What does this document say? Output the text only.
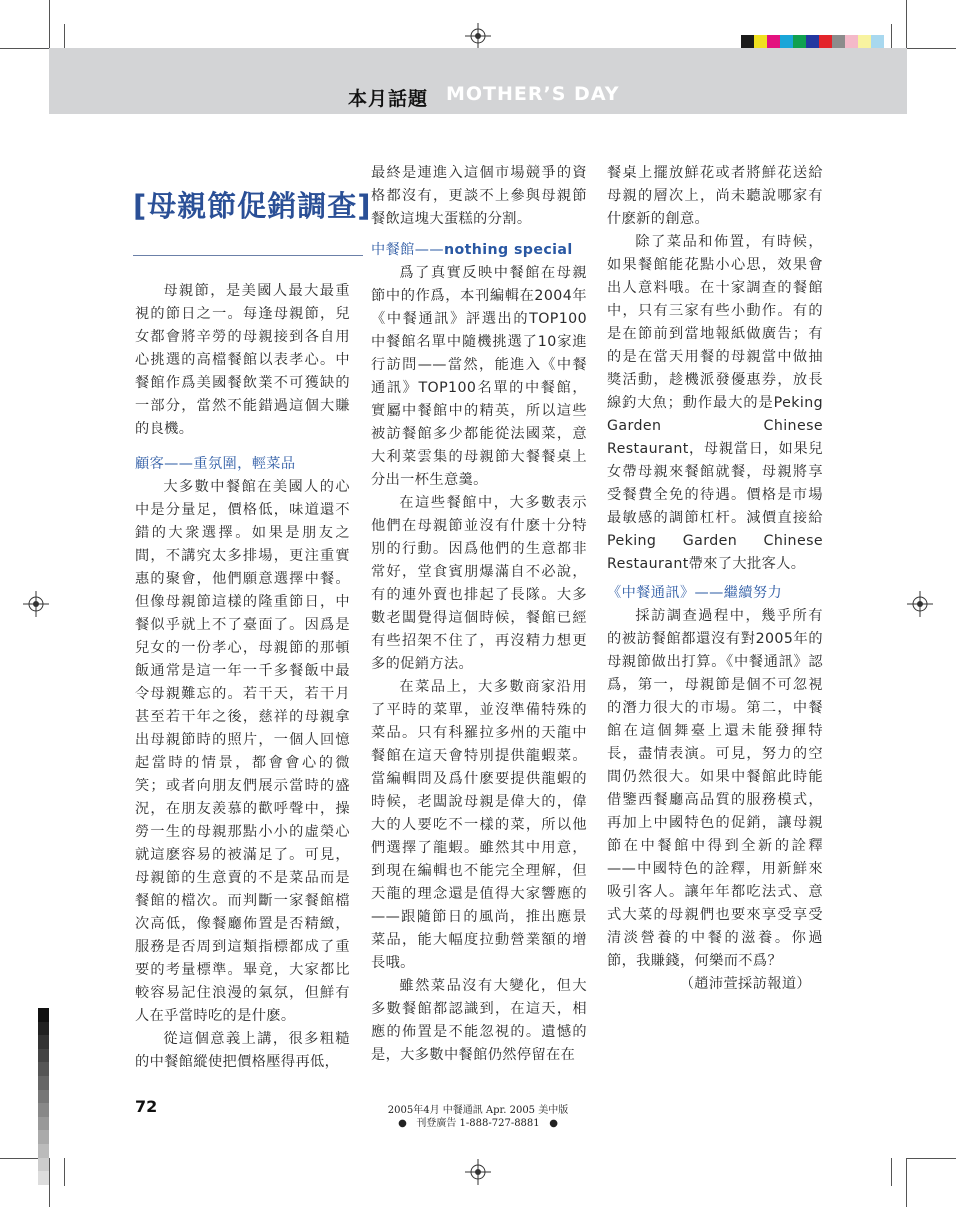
本月話題 MOTHER’S DAY
[母親節促銷調查]

母親節，是美國人最大最重視的節日之一。每逢母親節，兒女都會將辛勞的母親接到各自用心挑選的高檔餐館以表孝心。中餐館作爲美國餐飲業不可獲缺的一部分，當然不能錯過這個大賺的良機。

顧客——重氛圍，輕菜品

大多數中餐館在美國人的心中是分量足，價格低，味道還不錯的大衆選擇。如果是朋友之間，不講究太多排場，更注重實惠的聚會，他們願意選擇中餐。但像母親節這樣的隆重節日，中餐似乎就上不了臺面了。因爲是兒女的一份孝心，母親節的那頓飯通常是這一年一千多餐飯中最令母親難忘的。若干天，若干月甚至若干年之後，慈祥的母親拿出母親節時的照片，一個人回憶起當時的情景，都會會心的微笑；或者向朋友們展示當時的盛況，在朋友羨慕的歡呼聲中，操勞一生的母親那點小小的虛榮心就這麽容易的被滿足了。可見，母親節的生意賣的不是菜品而是餐館的檔次。而判斷一家餐館檔次高低，像餐廳佈置是否精緻，服務是否周到這類指標都成了重要的考量標準。畢竟，大家都比較容易記住浪漫的氣氛，但鮮有人在乎當時吃的是什麽。

從這個意義上講，很多粗糙的中餐館縱使把價格壓得再低，

最終是連進入這個市場競爭的資格都沒有，更談不上參與母親節餐飲這塊大蛋糕的分割。

中餐館——nothing special

爲了真實反映中餐館在母親節中的作爲，本刊編輯在2004年《中餐通訊》評選出的TOP100中餐館名單中隨機挑選了10家進行訪問——當然，能進入《中餐通訊》TOP100名單的中餐館，實屬中餐館中的精英，所以這些被訪餐館多少都能從法國菜，意大利菜雲集的母親節大餐餐桌上分出一杯生意羹。

在這些餐館中，大多數表示他們在母親節並沒有什麽十分特別的行動。因爲他們的生意都非常好，堂食賓朋爆滿自不必說，有的連外賣也排起了長隊。大多數老闆覺得這個時候，餐館已經有些招架不住了，再沒精力想更多的促銷方法。

在菜品上，大多數商家沿用了平時的菜單，並沒準備特殊的菜品。只有科羅拉多州的天龍中餐館在這天會特別提供龍蝦菜。當編輯問及爲什麽要提供龍蝦的時候，老闆說母親是偉大的，偉大的人要吃不一樣的菜，所以他們選擇了龍蝦。雖然其中用意，到現在編輯也不能完全理解，但天龍的理念還是值得大家響應的——跟隨節日的風尚，推出應景菜品，能大幅度拉動營業額的增長哦。

雖然菜品沒有大變化，但大多數餐館都認識到，在這天，相應的佈置是不能忽視的。遺憾的是，大多數中餐館仍然停留在在

餐桌上擺放鮮花或者將鮮花送給母親的層次上，尚未聽說哪家有什麽新的創意。

除了菜品和佈置，有時候，如果餐館能花點小心思，效果會出人意料哦。在十家調查的餐館中，只有三家有些小動作。有的是在節前到當地報紙做廣告；有的是在當天用餐的母親當中做抽獎活動，趁機派發優惠券，放長線釣大魚；動作最大的是Peking Garden Chinese Restaurant，母親當日，如果兒女帶母親來餐館就餐，母親將享受餐費全免的待遇。價格是市場最敏感的調節杠杆。減價直接給Peking Garden Chinese Restaurant帶來了大批客人。

《中餐通訊》——繼續努力

採訪調查過程中，幾乎所有的被訪餐館都還沒有對2005年的母親節做出打算。《中餐通訊》認爲，第一，母親節是個不可忽視的潛力很大的市場。第二，中餐館在這個舞臺上還未能發揮特長，盡情表演。可見，努力的空間仍然很大。如果中餐館此時能借鑒西餐廳高品質的服務模式，再加上中國特色的促銷，讓母親節在中餐館中得到全新的詮釋——中國特色的詮釋，用新鮮來吸引客人。讓年年都吃法式、意式大菜的母親們也要來享受享受清淡營養的中餐的滋養。你過節，我賺錢，何樂而不爲？

（趙沛萱採訪報道）

72	2005年4月 中餐通訊 Apr. 2005 美中版
● 刊登廣告 1-888-727-8881 ●
